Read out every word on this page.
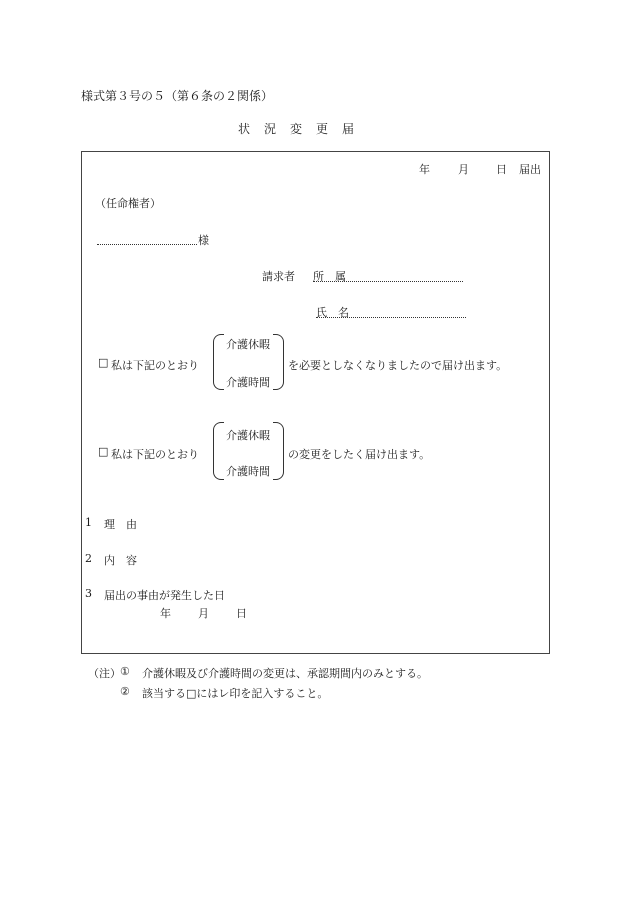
様式第３号の５（第６条の２関係）
状況変更届
年	月 日 届出
（任命権者）
様
請求者 所　属
氏　名
□ 私は下記のとおり
介護休暇
介護時間
を必要としなくなりましたので届け出ます。
□ 私は下記のとおり
介護休暇
介護時間
の変更をしたく届け出ます。
1 理　由
2 内　容
3 届出の事由が発生した日
年 月 日
（注） ① 介護休暇及び介護時間の変更は、承認期間内のみとする。
② 該当する□にはレ印を記入すること。
